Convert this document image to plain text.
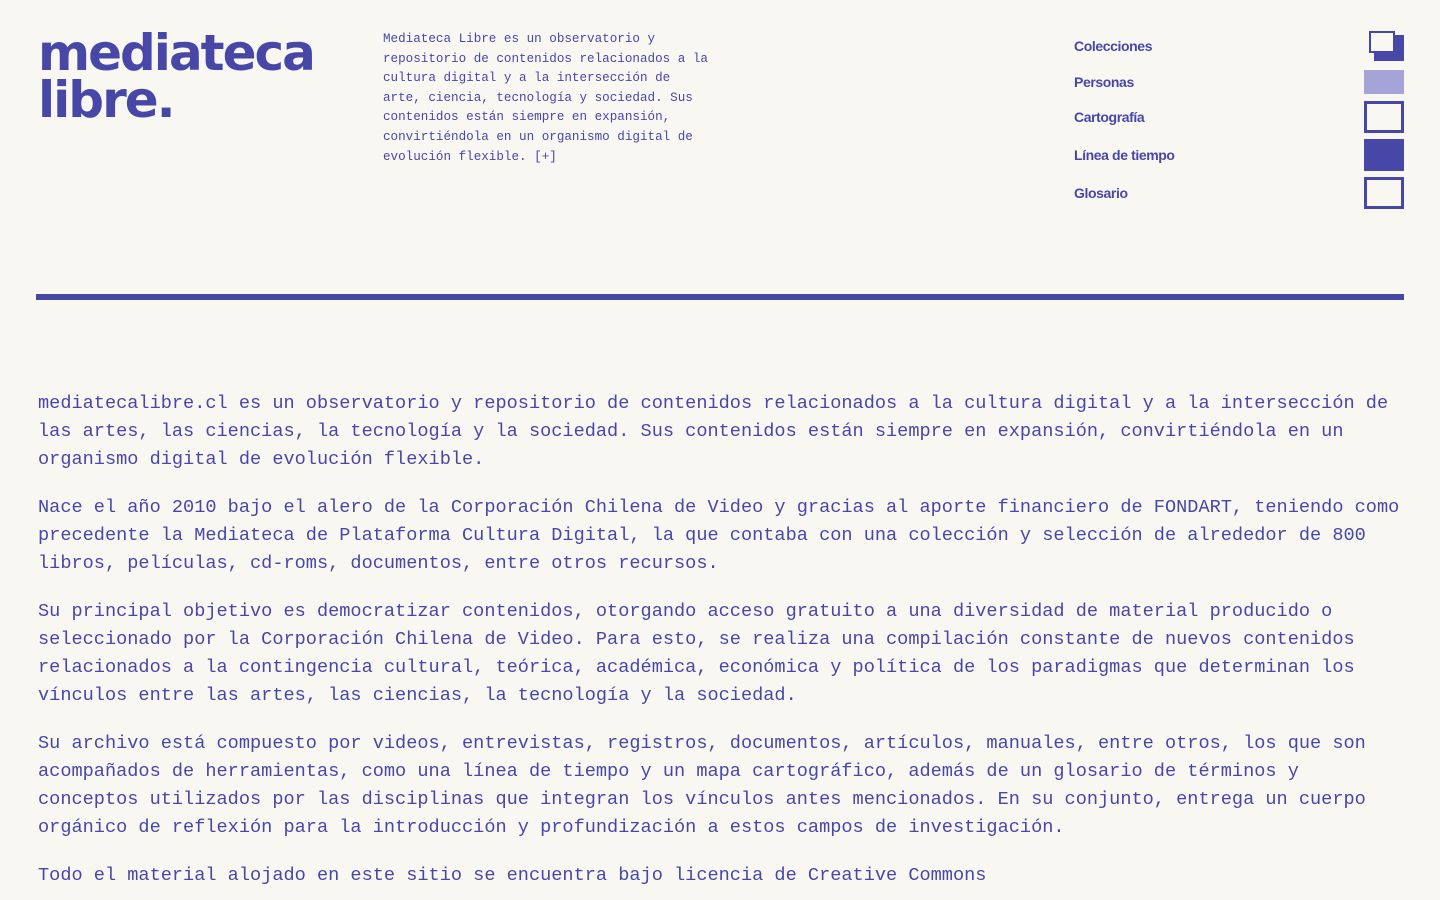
mediateca
libre.

Mediateca Libre es un observatorio y repositorio de contenidos relacionados a la cultura digital y a la intersección de arte, ciencia, tecnología y sociedad. Sus contenidos están siempre en expansión, convirtiéndola en un organismo digital de evolución flexible. [+]

Colecciones
Personas
Cartografía
Línea de tiempo
Glosario

mediatecalibre.cl es un observatorio y repositorio de contenidos relacionados a la cultura digital y a la intersección de las artes, las ciencias, la tecnología y la sociedad. Sus contenidos están siempre en expansión, convirtiéndola en un organismo digital de evolución flexible.

Nace el año 2010 bajo el alero de la Corporación Chilena de Video y gracias al aporte financiero de FONDART, teniendo como precedente la Mediateca de Plataforma Cultura Digital, la que contaba con una colección y selección de alrededor de 800 libros, películas, cd-roms, documentos, entre otros recursos.

Su principal objetivo es democratizar contenidos, otorgando acceso gratuito a una diversidad de material producido o seleccionado por la Corporación Chilena de Video. Para esto, se realiza una compilación constante de nuevos contenidos relacionados a la contingencia cultural, teórica, académica, económica y política de los paradigmas que determinan los vínculos entre las artes, las ciencias, la tecnología y la sociedad.

Su archivo está compuesto por videos, entrevistas, registros, documentos, artículos, manuales, entre otros, los que son acompañados de herramientas, como una línea de tiempo y un mapa cartográfico, además de un glosario de términos y conceptos utilizados por las disciplinas que integran los vínculos antes mencionados. En su conjunto, entrega un cuerpo orgánico de reflexión para la introducción y profundización a estos campos de investigación.

Todo el material alojado en este sitio se encuentra bajo licencia de Creative Commons
